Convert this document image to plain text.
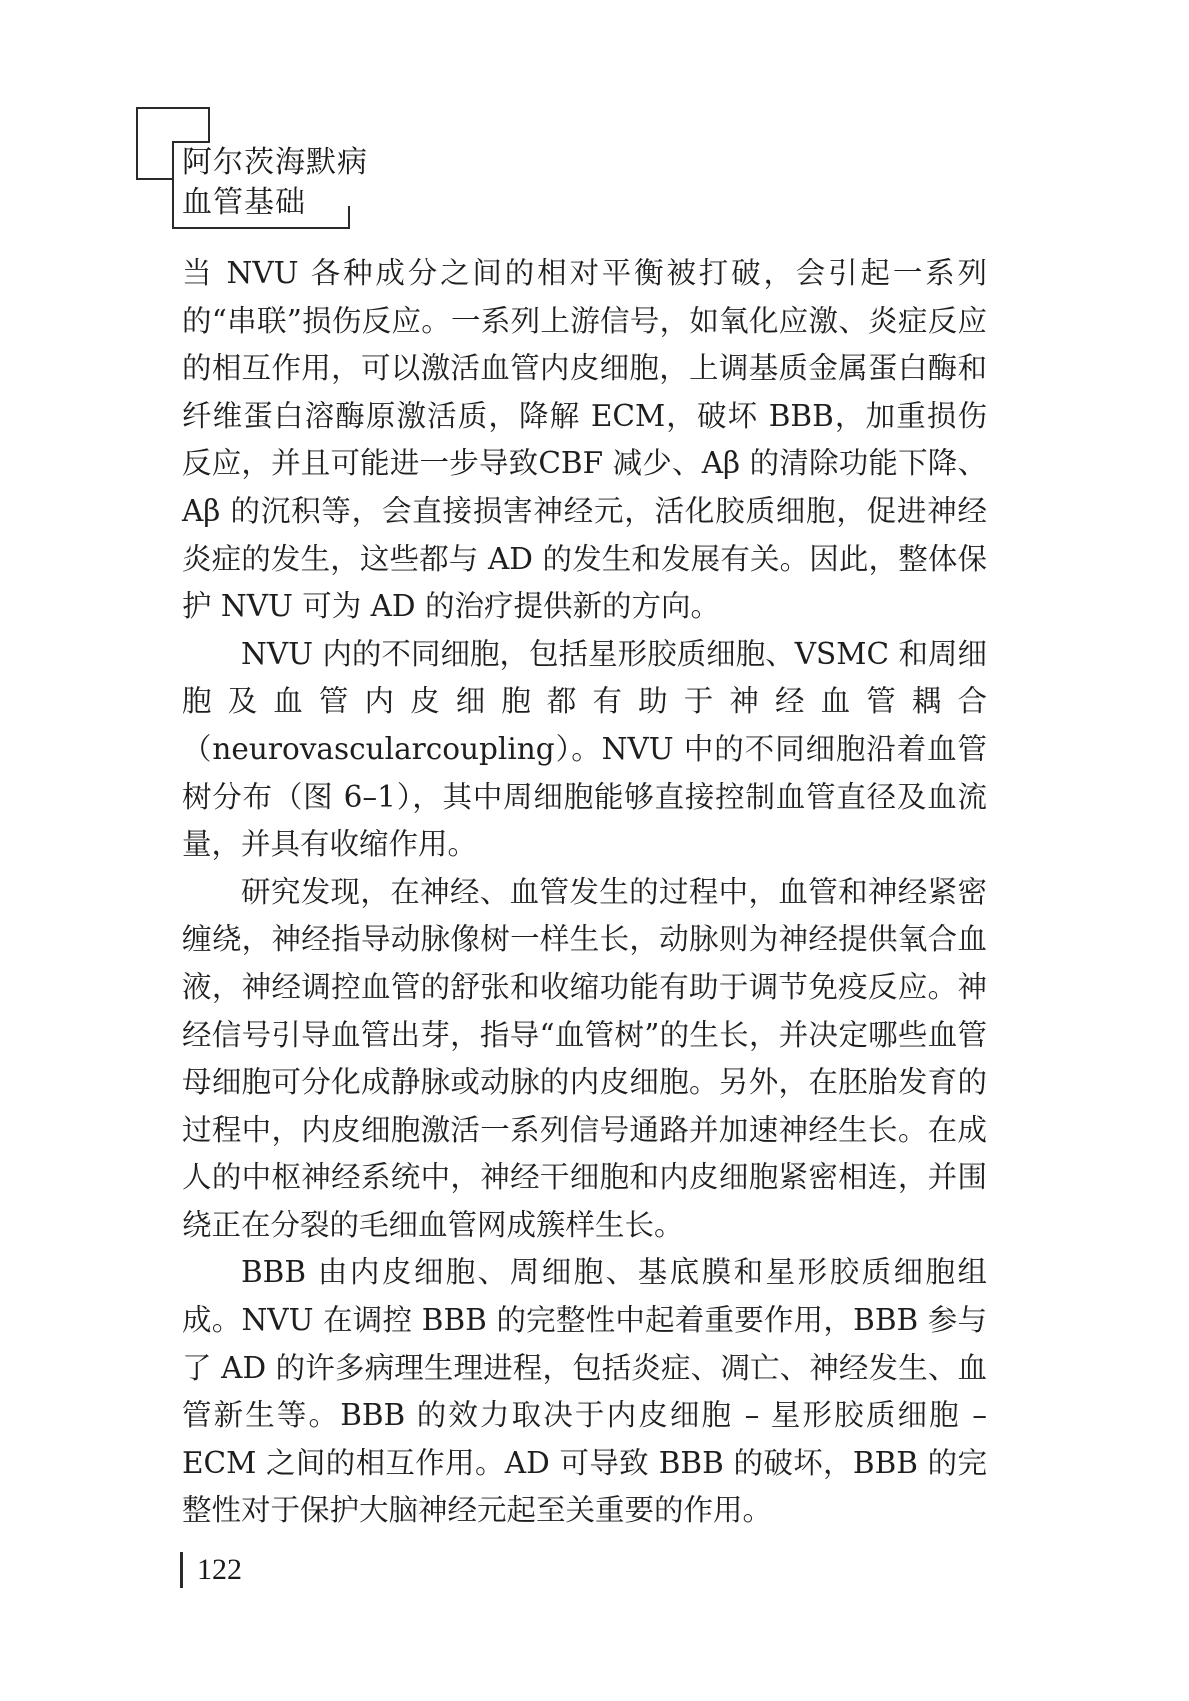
阿尔茨海默病
血管基础

当 NVU 各种成分之间的相对平衡被打破，会引起一系列的“串联”损伤反应。一系列上游信号，如氧化应激、炎症反应的相互作用，可以激活血管内皮细胞，上调基质金属蛋白酶和纤维蛋白溶酶原激活质，降解 ECM，破坏 BBB，加重损伤反应，并且可能进一步导致CBF 减少、Aβ 的清除功能下降、Aβ 的沉积等，会直接损害神经元，活化胶质细胞，促进神经炎症的发生，这些都与 AD 的发生和发展有关。因此，整体保护 NVU 可为 AD 的治疗提供新的方向。

NVU 内的不同细胞，包括星形胶质细胞、VSMC 和周细胞及血管内皮细胞都有助于神经血管耦合（neurovascularcoupling）。NVU 中的不同细胞沿着血管树分布（图 6–1），其中周细胞能够直接控制血管直径及血流量，并具有收缩作用。

研究发现，在神经、血管发生的过程中，血管和神经紧密缠绕，神经指导动脉像树一样生长，动脉则为神经提供氧合血液，神经调控血管的舒张和收缩功能有助于调节免疫反应。神经信号引导血管出芽，指导“血管树”的生长，并决定哪些血管母细胞可分化成静脉或动脉的内皮细胞。另外，在胚胎发育的过程中，内皮细胞激活一系列信号通路并加速神经生长。在成人的中枢神经系统中，神经干细胞和内皮细胞紧密相连，并围绕正在分裂的毛细血管网成簇样生长。

BBB 由内皮细胞、周细胞、基底膜和星形胶质细胞组成。NVU 在调控 BBB 的完整性中起着重要作用，BBB 参与了 AD 的许多病理生理进程，包括炎症、凋亡、神经发生、血管新生等。BBB 的效力取决于内皮细胞 – 星形胶质细胞 –ECM 之间的相互作用。AD 可导致 BBB 的破坏，BBB 的完整性对于保护大脑神经元起至关重要的作用。

122
